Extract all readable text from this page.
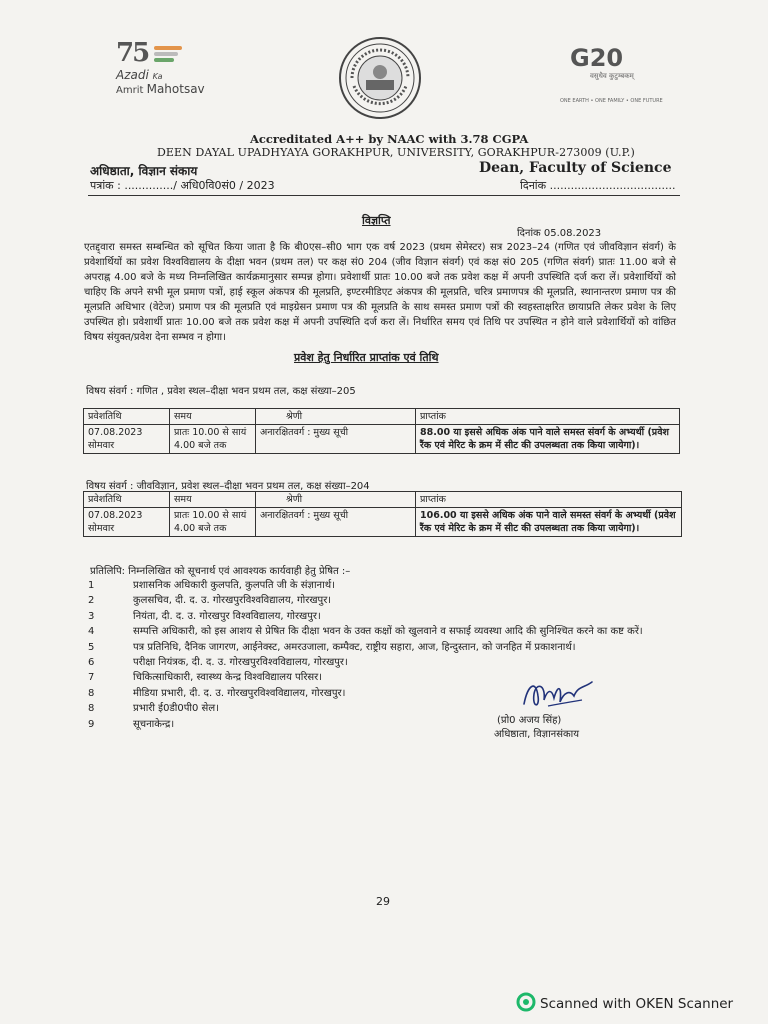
75
Azadi Ka
Amrit Mahotsav
G20
वसुधैव कुटुम्बकम्
ONE EARTH • ONE FAMILY • ONE FUTURE
Accreditated A++ by NAAC with 3.78 CGPA
DEEN DAYAL UPADHYAYA GORAKHPUR, UNIVERSITY, GORAKHPUR-273009 (U.P.)
अधिष्ठाता, विज्ञान संकाय	Dean, Faculty of Science
पत्रांक : ............../ अधि0वि0सं0 / 2023	दिनांक ....................................
विज्ञप्ति
दिनांक 05.08.2023
एतद्द्वारा समस्त सम्बन्धित को सूचित किया जाता है कि बी0एस–सी0 भाग एक वर्ष 2023 (प्रथम सेमेस्टर) सत्र 2023–24 (गणित एवं जीवविज्ञान संवर्ग) के प्रवेशार्थियों का प्रवेश विश्वविद्यालय के दीक्षा भवन (प्रथम तल) पर कक्ष सं0 204 (जीव विज्ञान संवर्ग) एवं कक्ष सं0 205 (गणित संवर्ग) प्रातः 11.00 बजे से अपराह्न 4.00 बजे के मध्य निम्नलिखित कार्यक्रमानुसार सम्पन्न होगा। प्रवेशार्थी प्रातः 10.00 बजे तक प्रवेश कक्ष में अपनी उपस्थिति दर्ज करा लें। प्रवेशार्थियों को चाहिए कि अपने सभी मूल प्रमाण पत्रों, हाई स्कूल अंकपत्र की मूलप्रति, इण्टरमीडिएट अंकपत्र की मूलप्रति, चरित्र प्रमाणपत्र की मूलप्रति, स्थानान्तरण प्रमाण पत्र की मूलप्रति अधिभार (वेटेज) प्रमाण पत्र की मूलप्रति एवं माइग्रेसन प्रमाण पत्र की मूलप्रति के साथ समस्त प्रमाण पत्रों की स्वहस्ताक्षरित छायाप्रति लेकर प्रवेश के लिए उपस्थित हो। प्रवेशार्थी प्रातः 10.00 बजे तक प्रवेश कक्ष में अपनी उपस्थिति दर्ज करा लें। निर्धारित समय एवं तिथि पर उपस्थित न होने वाले प्रवेशार्थियों को वांछित विषय संयुक्त/प्रवेश देना सम्भव न होगा।
प्रवेश हेतु निर्धारित प्राप्तांक एवं तिथि
विषय संवर्ग : गणित , प्रवेश स्थल–दीक्षा भवन प्रथम तल, कक्ष संख्या–205
प्रवेशतिथि	समय	श्रेणी	प्राप्तांक
07.08.2023
सोमवार	प्रातः 10.00 से सायं 4.00 बजे तक	अनारक्षितवर्ग : मुख्य सूची	88.00 या इससे अधिक अंक पाने वाले समस्त संवर्ग के अभ्यर्थी (प्रवेश रैंक एवं मेरिट के क्रम में सीट की उपलब्धता तक किया जायेगा)।
विषय संवर्ग : जीवविज्ञान, प्रवेश स्थल–दीक्षा भवन प्रथम तल, कक्ष संख्या–204
प्रवेशतिथि	समय	श्रेणी	प्राप्तांक
07.08.2023
सोमवार	प्रातः 10.00 से सायं 4.00 बजे तक	अनारक्षितवर्ग : मुख्य सूची	106.00 या इससे अधिक अंक पाने वाले समस्त संवर्ग के अभ्यर्थी (प्रवेश रैंक एवं मेरिट के क्रम में सीट की उपलब्धता तक किया जायेगा)।
प्रतिलिपि: निम्नलिखित को सूचनार्थ एवं आवश्यक कार्यवाही हेतु प्रेषित :–
1	प्रशासनिक अधिकारी कुलपति, कुलपति जी के संज्ञानार्थ।
2	कुलसचिव, दी. द. उ. गोरखपुरविश्वविद्यालय, गोरखपुर।
3	नियंता, दी. द. उ. गोरखपुर विश्वविद्यालय, गोरखपुर।
4	सम्पत्ति अधिकारी, को इस आशय से प्रेषित कि दीक्षा भवन के उक्त कक्षों को खुलवाने व सफाई व्यवस्था आदि की सुनिश्चित करने का कष्ट करें।
5	पत्र प्रतिनिधि, दैनिक जागरण, आईनेक्स्ट, अमरउजाला, कम्पैक्ट, राष्ट्रीय सहारा, आज, हिन्दुस्तान, को जनहित में प्रकाशनार्थ।
6	परीक्षा नियंत्रक, दी. द. उ. गोरखपुरविश्वविद्यालय, गोरखपुर।
7	चिकित्साधिकारी, स्वास्थ्य केन्द्र विश्वविद्यालय परिसर।
8	मीडिया प्रभारी, दी. द. उ. गोरखपुरविश्वविद्यालय, गोरखपुर।
8	प्रभारी ई0डी0पी0 सेल।
9	सूचनाकेन्द्र।	(प्रो0 अजय सिंह)
अधिष्ठाता, विज्ञानसंकाय
29
Scanned with OKEN Scanner
